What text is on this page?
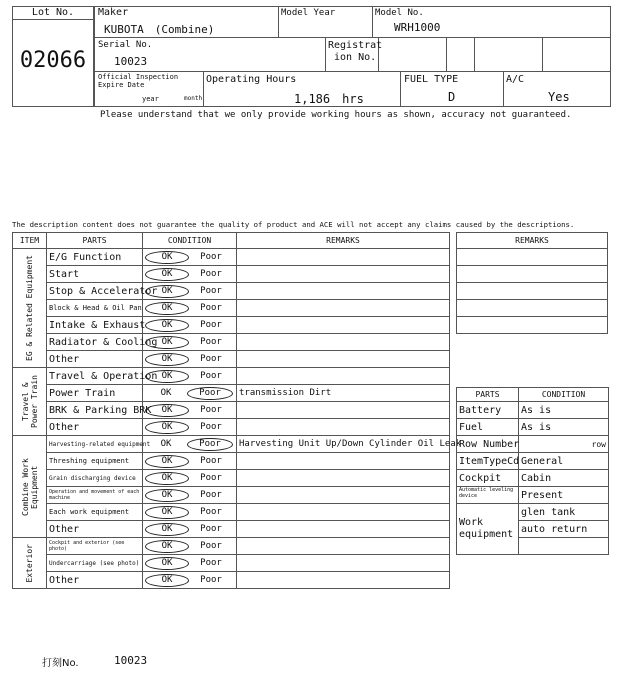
Lot No.
02066
Maker
KUBOTA　(Combine)
Model Year	Model No.
WRH1000
Serial No.
10023
Registrat
ion No.
Official Inspection
Expire Date
year	month
Operating Hours
1,186　hrs
FUEL TYPE
D
A/C
Yes
Please understand that we only provide working hours as shown, accuracy not guaranteed.
The description content does not guarantee the quality of product and ACE will not accept any claims caused by the descriptions.
ITEM	PARTS	CONDITION	REMARKS

EG & Related Equipment	E/G Function	OK Poor	
	Start	OK Poor	
	Stop & Accelerator	OK Poor	
	Block & Head & Oil Pan	OK Poor	
	Intake & Exhaust	OK Poor	
	Radiator & Cooling	OK Poor	
	Other	OK Poor	

Travel & Power Train	Travel & Operation	OK Poor	
	Power Train	OK Poor	transmission Dirt
	BRK & Parking BRK	OK Poor	
	Other	OK Poor	

Combine Work Equipment	Harvesting-related equipment	OK Poor	Harvesting Unit Up/Down Cylinder Oil Leak
	Threshing equipment	OK Poor	
	Grain discharging device	OK Poor	
	Operation and movement of each machine	OK Poor	
	Each work equipment	OK Poor	
	Other	OK Poor	

Exterior	Cockpit and exterior (see photo)	OK Poor	
	Undercarriage (see photo)	OK Poor	
	Other	OK Poor	
REMARKS

PARTS	CONDITION
Battery	As is
Fuel	As is
Row Number	row
ItemTypeCd	General
Cockpit	Cabin
Automatic leveling device	Present
Work equipment	glen tank
	auto return

打刻No.	10023
